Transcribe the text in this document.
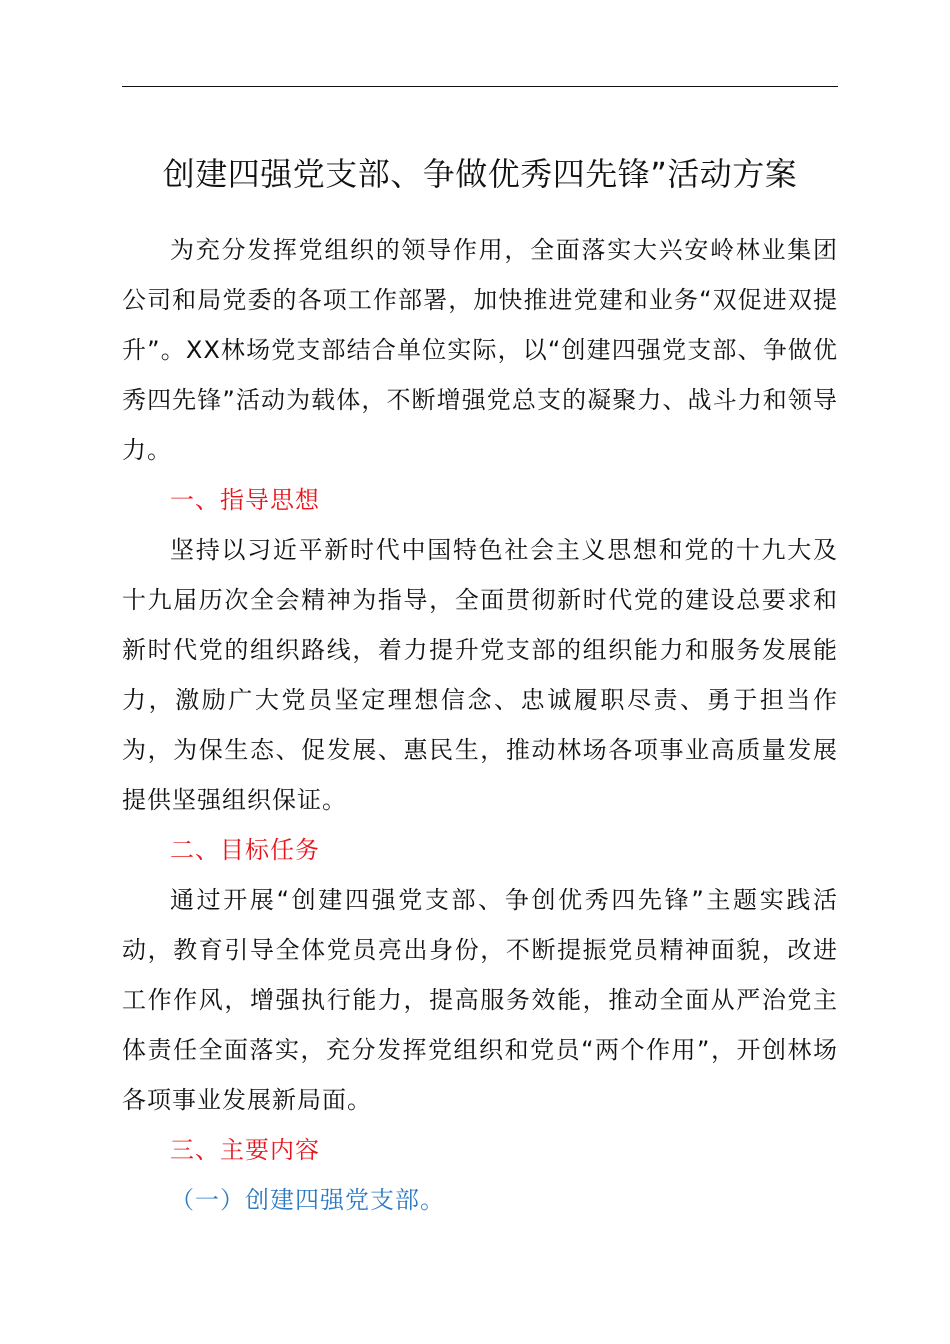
创建四强党支部、争做优秀四先锋”活动方案

为充分发挥党组织的领导作用，全面落实大兴安岭林业集团公司和局党委的各项工作部署，加快推进党建和业务“双促进双提升”。XX林场党支部结合单位实际，以“创建四强党支部、争做优秀四先锋”活动为载体，不断增强党总支的凝聚力、战斗力和领导力。

一、指导思想

坚持以习近平新时代中国特色社会主义思想和党的十九大及十九届历次全会精神为指导，全面贯彻新时代党的建设总要求和新时代党的组织路线，着力提升党支部的组织能力和服务发展能力，激励广大党员坚定理想信念、忠诚履职尽责、勇于担当作为，为保生态、促发展、惠民生，推动林场各项事业高质量发展提供坚强组织保证。

二、目标任务

通过开展“创建四强党支部、争创优秀四先锋”主题实践活动，教育引导全体党员亮出身份，不断提振党员精神面貌，改进工作作风，增强执行能力，提高服务效能，推动全面从严治党主体责任全面落实，充分发挥党组织和党员“两个作用”，开创林场各项事业发展新局面。

三、主要内容

（一）创建四强党支部。
